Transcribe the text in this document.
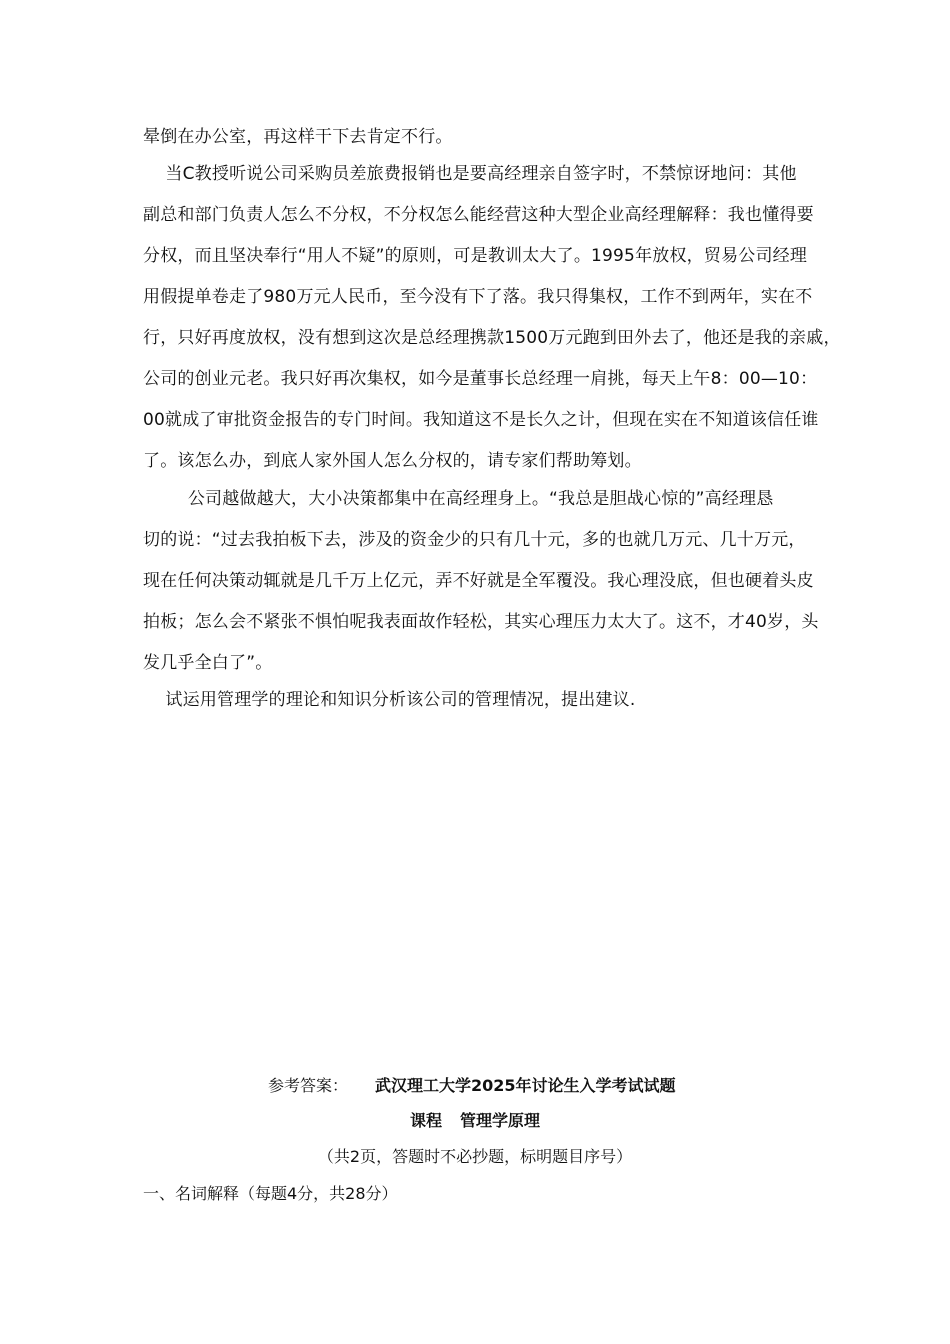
晕倒在办公室，再这样干下去肯定不行。
当C教授听说公司采购员差旅费报销也是要高经理亲自签字时，不禁惊讶地问：其他
副总和部门负责人怎么不分权，不分权怎么能经营这种大型企业高经理解释：我也懂得要
分权，而且坚决奉行“用人不疑”的原则，可是教训太大了。1995年放权，贸易公司经理
用假提单卷走了980万元人民币，至今没有下了落。我只得集权，工作不到两年，实在不
行，只好再度放权，没有想到这次是总经理携款1500万元跑到田外去了，他还是我的亲戚，
公司的创业元老。我只好再次集权，如今是董事长总经理一肩挑，每天上午8：00—10：
00就成了审批资金报告的专门时间。我知道这不是长久之计，但现在实在不知道该信任谁
了。该怎么办，到底人家外国人怎么分权的，请专家们帮助筹划。
公司越做越大，大小决策都集中在高经理身上。“我总是胆战心惊的”高经理恳
切的说：“过去我拍板下去，涉及的资金少的只有几十元，多的也就几万元、几十万元，
现在任何决策动辄就是几千万上亿元，弄不好就是全军覆没。我心理没底，但也硬着头皮
拍板；怎么会不紧张不惧怕呢我表面故作轻松，其实心理压力太大了。这不，才40岁，头
发几乎全白了”。
试运用管理学的理论和知识分析该公司的管理情况，提出建议.
参考答案： 武汉理工大学2025年讨论生入学考试试题
课程 管理学原理
（共2页，答题时不必抄题，标明题目序号）
一、名词解释（每题4分，共28分）
